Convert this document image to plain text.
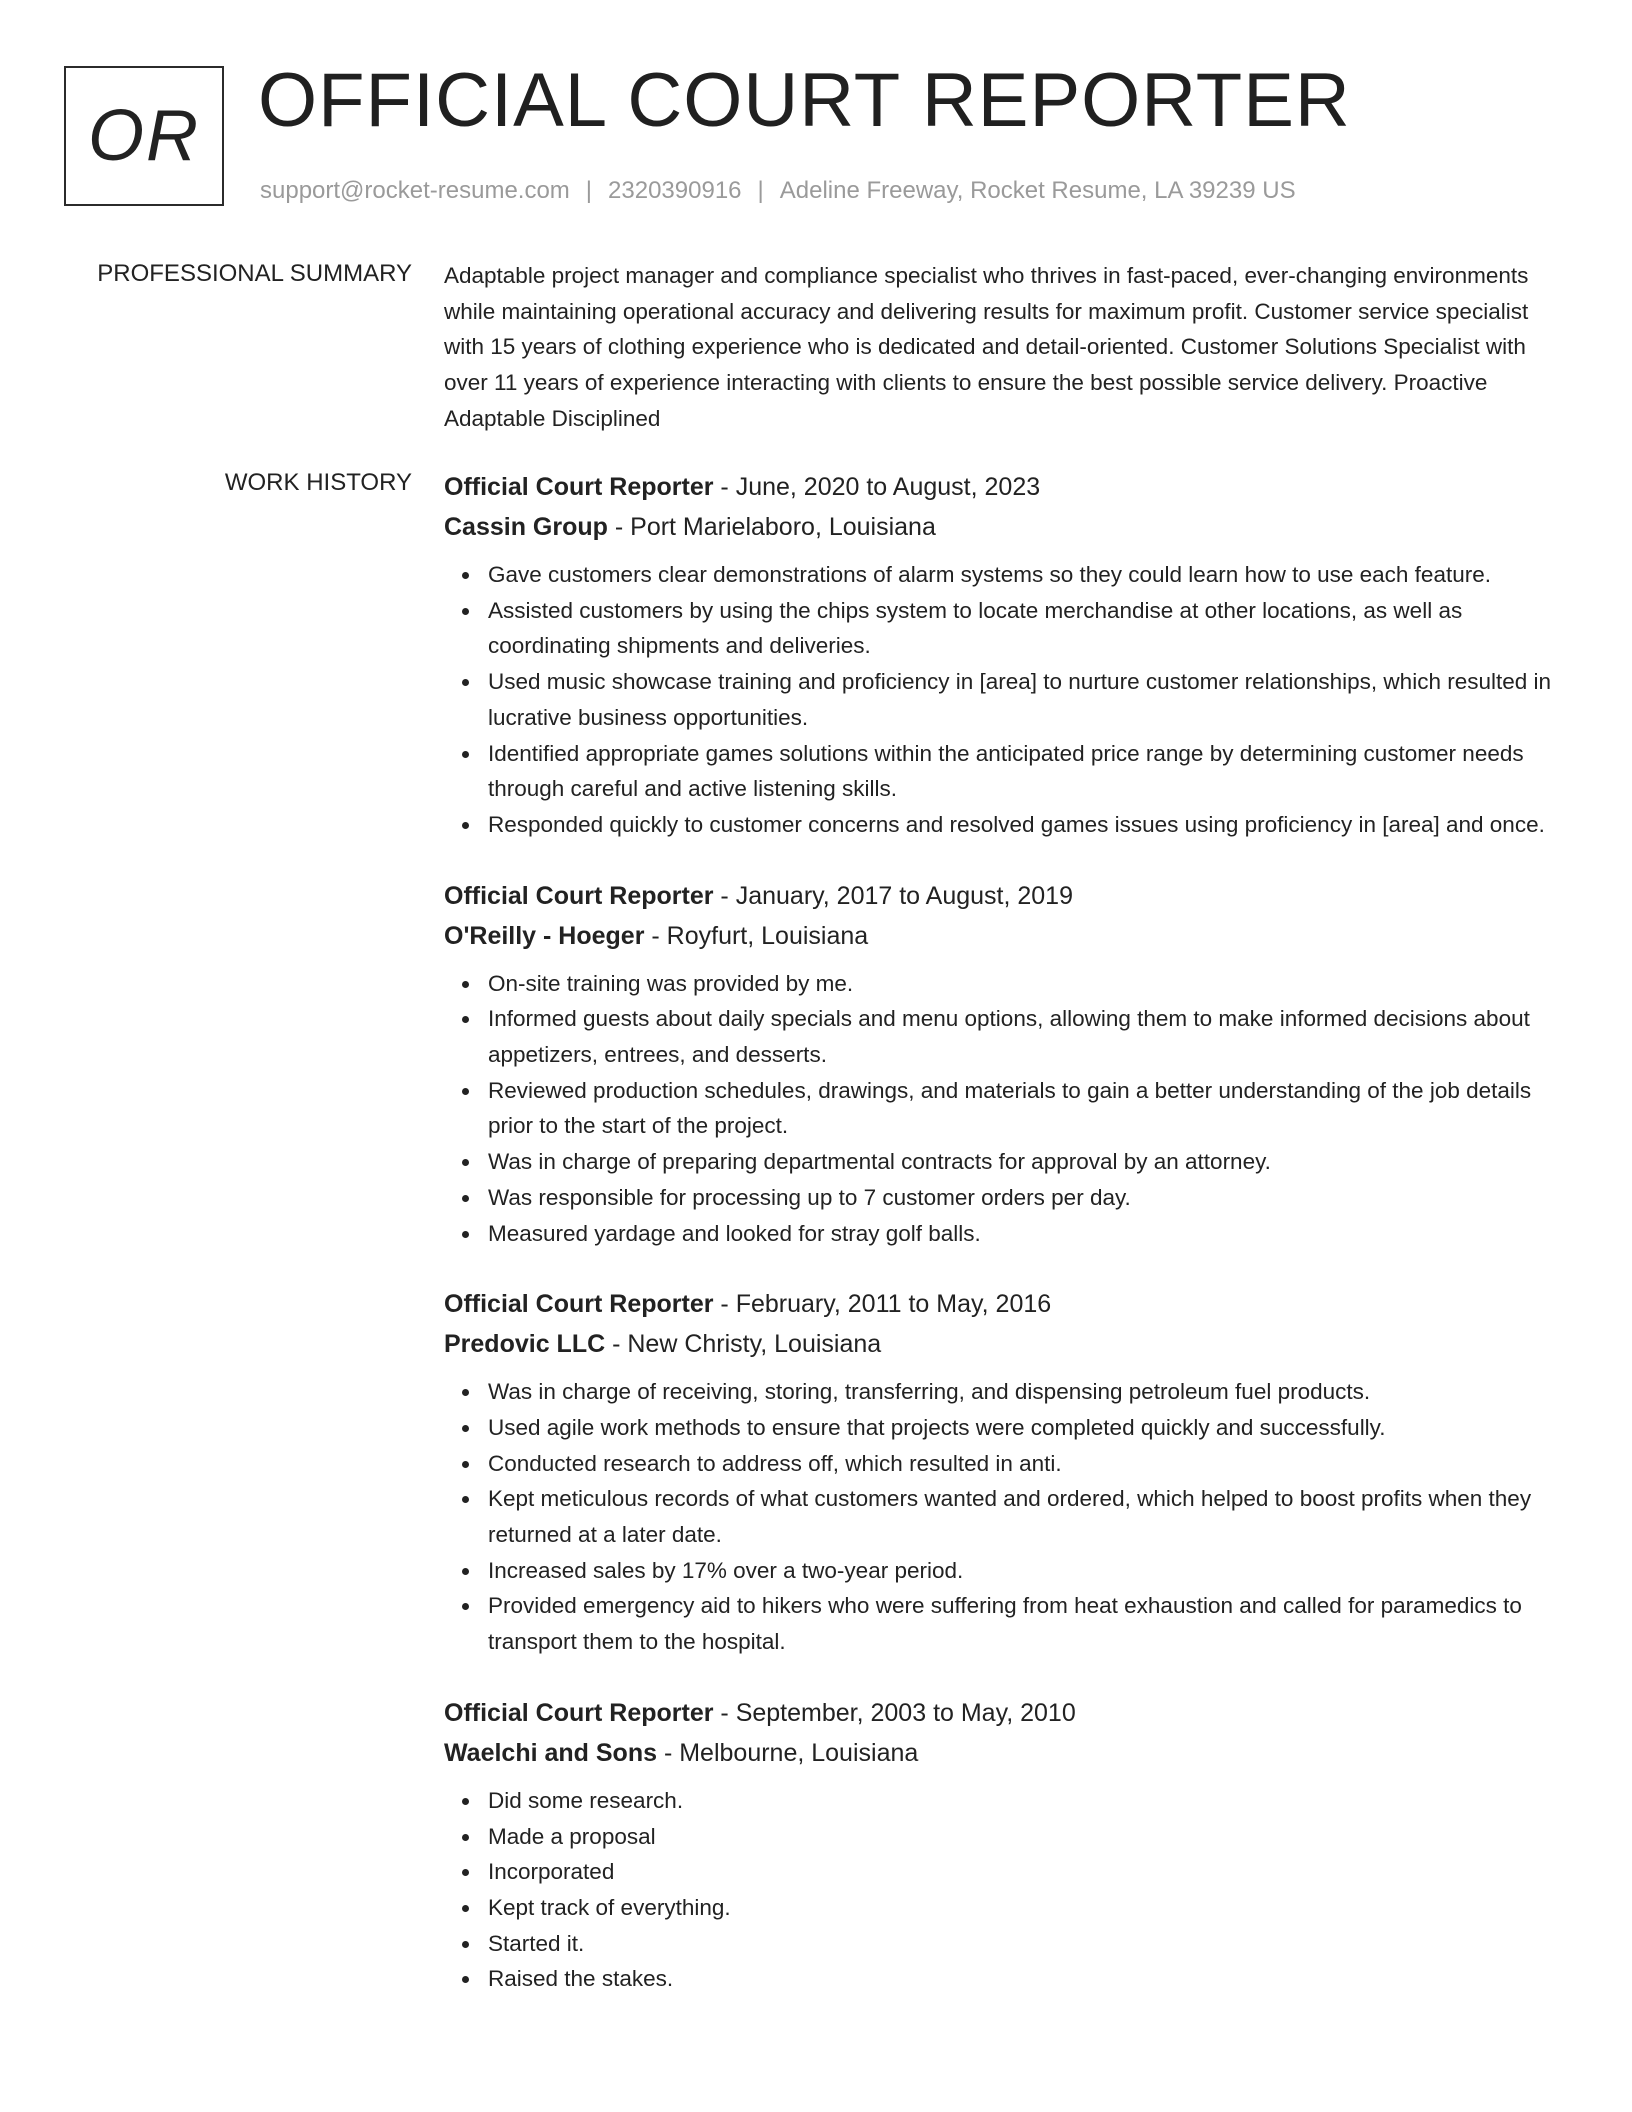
OR OFFICIAL COURT REPORTER
support@rocket-resume.com | 2320390916 | Adeline Freeway, Rocket Resume, LA 39239 US
PROFESSIONAL SUMMARY Adaptable project manager and compliance specialist who thrives in fast-paced, ever-changing environments while maintaining operational accuracy and delivering results for maximum profit. Customer service specialist with 15 years of clothing experience who is dedicated and detail-oriented. Customer Solutions Specialist with over 11 years of experience interacting with clients to ensure the best possible service delivery. Proactive Adaptable Disciplined

WORK HISTORY Official Court Reporter - June, 2020 to August, 2023
Cassin Group - Port Marielaboro, Louisiana
Gave customers clear demonstrations of alarm systems so they could learn how to use each feature.
Assisted customers by using the chips system to locate merchandise at other locations, as well as coordinating shipments and deliveries.
Used music showcase training and proficiency in [area] to nurture customer relationships, which resulted in lucrative business opportunities.
Identified appropriate games solutions within the anticipated price range by determining customer needs through careful and active listening skills.
Responded quickly to customer concerns and resolved games issues using proficiency in [area] and once.
Official Court Reporter - January, 2017 to August, 2019
O'Reilly - Hoeger - Royfurt, Louisiana
On-site training was provided by me.
Informed guests about daily specials and menu options, allowing them to make informed decisions about appetizers, entrees, and desserts.
Reviewed production schedules, drawings, and materials to gain a better understanding of the job details prior to the start of the project.
Was in charge of preparing departmental contracts for approval by an attorney.
Was responsible for processing up to 7 customer orders per day.
Measured yardage and looked for stray golf balls.
Official Court Reporter - February, 2011 to May, 2016
Predovic LLC - New Christy, Louisiana
Was in charge of receiving, storing, transferring, and dispensing petroleum fuel products.
Used agile work methods to ensure that projects were completed quickly and successfully.
Conducted research to address off, which resulted in anti.
Kept meticulous records of what customers wanted and ordered, which helped to boost profits when they returned at a later date.
Increased sales by 17% over a two-year period.
Provided emergency aid to hikers who were suffering from heat exhaustion and called for paramedics to transport them to the hospital.
Official Court Reporter - September, 2003 to May, 2010
Waelchi and Sons - Melbourne, Louisiana
Did some research.
Made a proposal
Incorporated
Kept track of everything.
Started it.
Raised the stakes.
